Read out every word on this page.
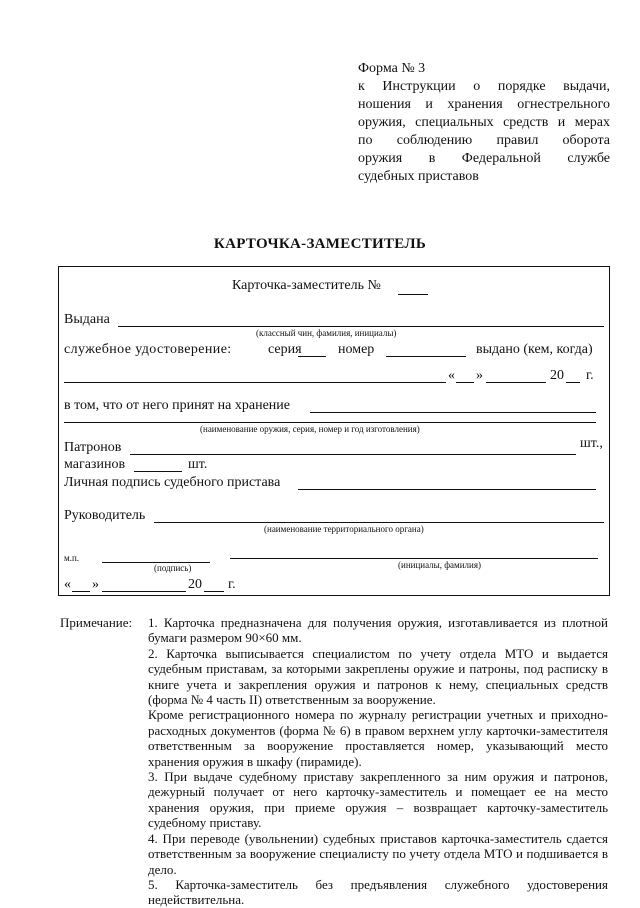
Форма № 3
к Инструкции о порядке выдачи,
ношения и хранения огнестрельного
оружия, специальных средств и мерах
по соблюдению правил оборота
оружия в Федеральной службе
судебных приставов
КАРТОЧКА-ЗАМЕСТИТЕЛЬ
Карточка-заместитель №
Выдана
(классный чин, фамилия, инициалы)
служебное удостоверение:	серия	номер	выдано (кем, когда)
« »	20 г.
в том, что от него принят на хранение
(наименование оружия, серия, номер и год изготовления)
Патронов	шт.,
магазинов	шт.
Личная подпись судебного пристава
Руководитель
(наименование территориального органа)
м.п.
(подпись)	(инициалы, фамилия)
« »	20 г.
Примечание: 1. Карточка предназначена для получения оружия, изготавливается из плотной бумаги размером 90×60 мм.

2. Карточка выписывается специалистом по учету отдела МТО и выдается судебным приставам, за которыми закреплены оружие и патроны, под расписку в книге учета и закрепления оружия и патронов к нему, специальных средств (форма № 4 часть II) ответственным за вооружение.

Кроме регистрационного номера по журналу регистрации учетных и приходно-расходных документов (форма № 6) в правом верхнем углу карточки-заместителя ответственным за вооружение проставляется номер, указывающий место хранения оружия в шкафу (пирамиде).

3. При выдаче судебному приставу закрепленного за ним оружия и патронов, дежурный получает от него карточку-заместитель и помещает ее на место хранения оружия, при приеме оружия – возвращает карточку-заместитель судебному приставу.

4. При переводе (увольнении) судебных приставов карточка-заместитель сдается ответственным за вооружение специалисту по учету отдела МТО и подшивается в дело.

5. Карточка-заместитель без предъявления служебного удостоверения недействительна.
